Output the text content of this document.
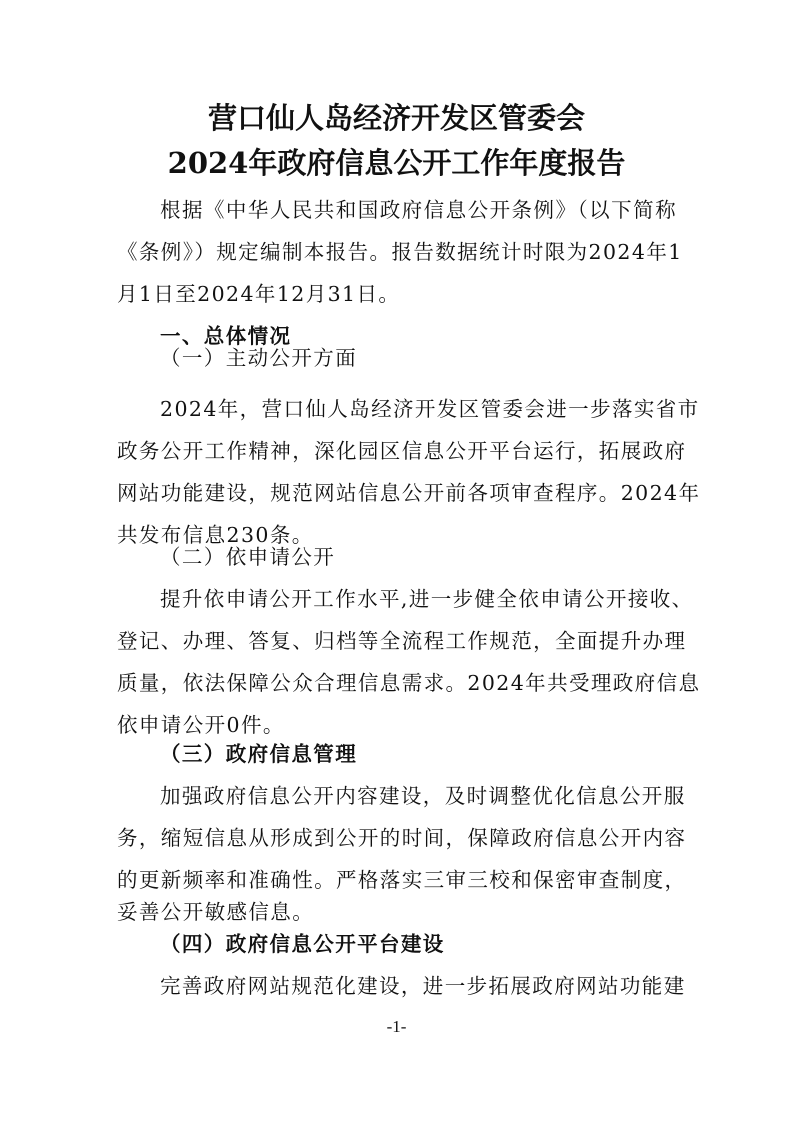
营口仙人岛经济开发区管委会
2024年政府信息公开工作年度报告
根据《中华人民共和国政府信息公开条例》（以下简称
《条例》）规定编制本报告。报告数据统计时限为2024年1
月1日至2024年12月31日。
一、总体情况
（一）主动公开方面
2024年，营口仙人岛经济开发区管委会进一步落实省市
政务公开工作精神，深化园区信息公开平台运行，拓展政府
网站功能建设，规范网站信息公开前各项审查程序。2024年
共发布信息230条。
（二）依申请公开
提升依申请公开工作水平,进一步健全依申请公开接收、
登记、办理、答复、归档等全流程工作规范，全面提升办理
质量，依法保障公众合理信息需求。2024年共受理政府信息
依申请公开0件。
（三）政府信息管理
加强政府信息公开内容建设，及时调整优化信息公开服
务，缩短信息从形成到公开的时间，保障政府信息公开内容
的更新频率和准确性。严格落实三审三校和保密审查制度，
妥善公开敏感信息。
（四）政府信息公开平台建设
完善政府网站规范化建设，进一步拓展政府网站功能建
-1-
